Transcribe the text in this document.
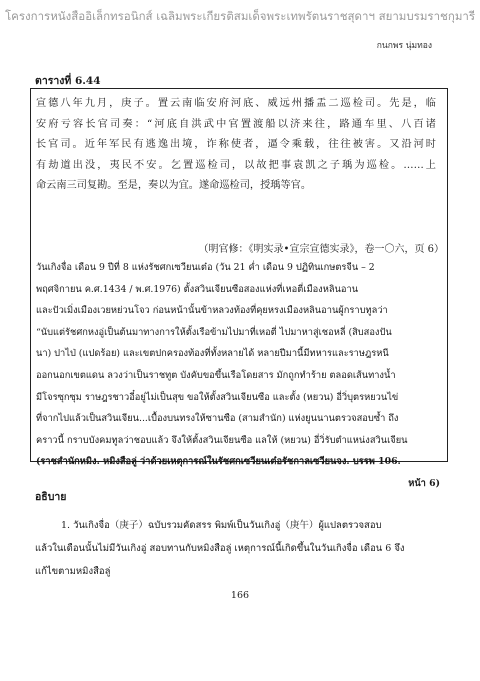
โครงการหนังสืออิเล็กทรอนิกส์ เฉลิมพระเกียรติสมเด็จพระเทพรัตนราชสุดาฯ สยามบรมราชกุมารี
กนกพร นุ่มทอง
ตารางที่ 6.44

宣德八年九月，庚子。置云南临安府河底、威远州播盂二巡检司。先是，临

安府亏容长官司奏：“河底自洪武中官置渡船以济来往，路通车里、八百诸

长官司。近年军民有逃逸出境，诈称使者，逼令乘载，往往被害。又沿河时

有劫道出没，夷民不安。乞置巡检司，以故把事袁凯之子瑀为巡检。……上

命云南三司复勘。至是，奏以为宜。遂命巡检司，授瑀等官。

（明官修：《明实录•宣宗宣德实录》，卷一〇六，页 6）

วันเกิงจื่อ เดือน 9 ปีที่ 8 แห่งรัชศกเซวียนเต๋อ (วัน 21 ค่ำ เดือน 9 ปฏิทินเกษตรจีน – 2

พฤศจิกายน ค.ศ.1434 / พ.ศ.1976) ตั้งสวินเจียนซือสองแห่งที่เหอตี่เมืองหลินอาน

และปัวเมิ่งเมืองเวยหย่วนโจว ก่อนหน้านั้นข้าหลวงท้องที่คุยหรงเมืองหลินอานผู้กราบทูลว่า

“นับแต่รัชศกหงอู่เป็นต้นมาทางการให้ตั้งเรือข้ามไปมาที่เหอตี่ ไปมาหาสู่เชอหลี่ (สิบสองปัน

นา) ปาไป่ (แปดร้อย) และเขตปกครองท้องที่ทั้งหลายได้ หลายปีมานี้มีทหารและราษฎรหนี

ออกนอกเขตแดน ลวงว่าเป็นราชทูต บังคับขอขึ้นเรือโดยสาร มักถูกทำร้าย ตลอดเส้นทางน้ำ

มีโจรซุกซุม ราษฎรชาวอี๋อยู่ไม่เป็นสุข ขอให้ตั้งสวินเจียนซือ และตั้ง (หยวน) อี่วิ่บุตรหยวนไข่

ที่จากไปแล้วเป็นสวินเจียน...เบื้องบนทรงให้ซานซือ (สามสำนัก) แห่งยูนนานตรวจสอบซ้ำ ถึง

คราวนี้ กราบบังคมทูลว่าชอบแล้ว จึงให้ตั้งสวินเจียนซือ แลให้ (หยวน) อี่วิ่รับตำแหน่งสวินเจียน

(ราชสำนักหมิง. หมิงสือลู่ ว่าด้วยเหตุการณ์ในรัชศกเซวียนเต๋อรัชกาลเซวียนจง. บรรพ 106.

หน้า 6)

อธิบาย

1. วันเกิงจื่อ（庚子）ฉบับรวมคัดสรร พิมพ์เป็นวันเกิงอู่（庚午）ผู้แปลตรวจสอบ

แล้วในเดือนนั้นไม่มีวันเกิงอู่ สอบทานกับหมิงสือลู่ เหตุการณ์นี้เกิดขึ้นในวันเกิงจื่อ เดือน 6 จึง

แก้ไขตามหมิงสือลู่

166
